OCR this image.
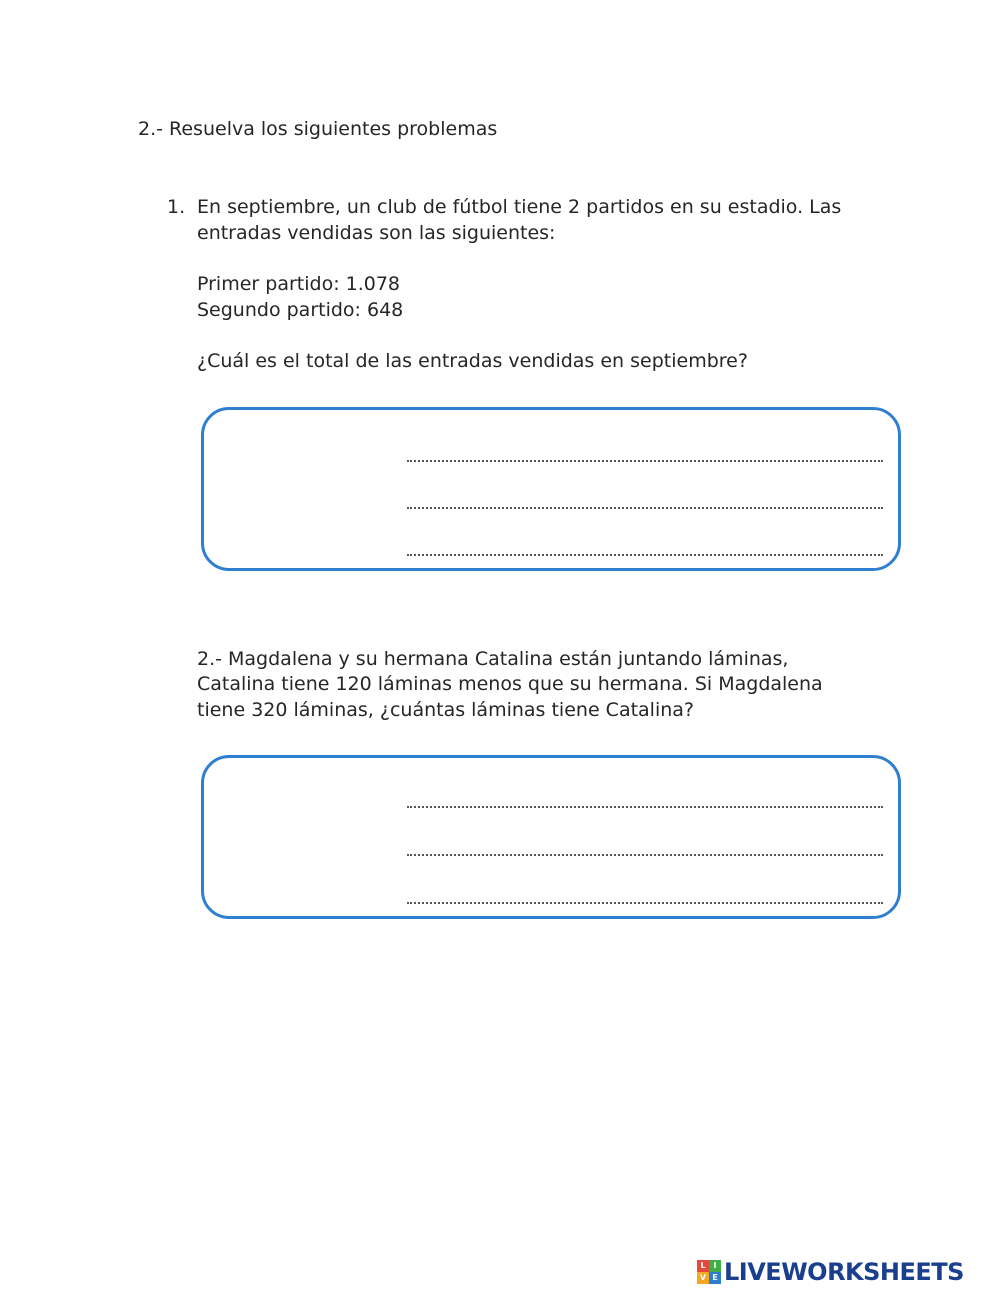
2.- Resuelva los siguientes problemas
1. En septiembre, un club de fútbol tiene 2 partidos en su estadio. Las
entradas vendidas son las siguientes:
Primer partido: 1.078
Segundo partido: 648
¿Cuál es el total de las entradas vendidas en septiembre?
2.- Magdalena y su hermana Catalina están juntando láminas,
Catalina tiene 120 láminas menos que su hermana. Si Magdalena
tiene 320 láminas, ¿cuántas láminas tiene Catalina?
L I
V E LIVEWORKSHEETS
